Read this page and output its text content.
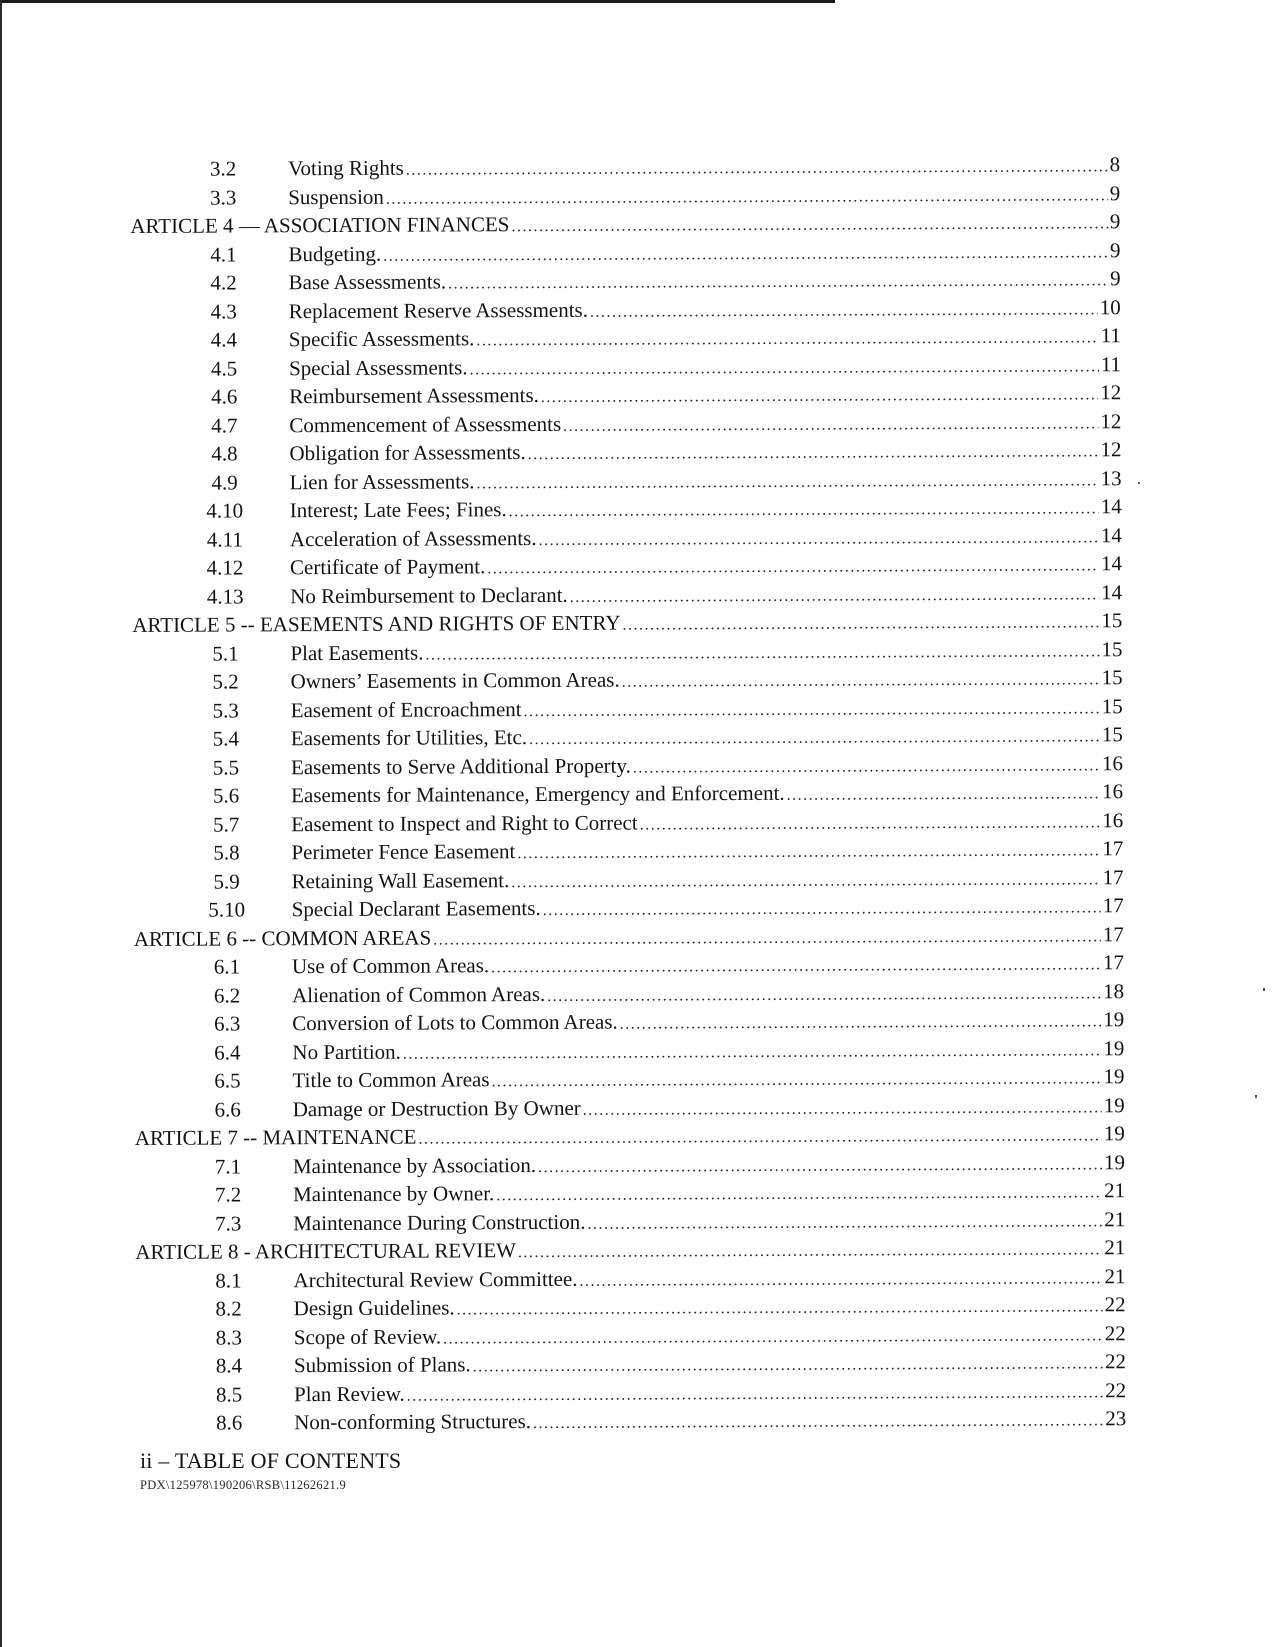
3.2	Voting Rights .....	8
3.3	Suspension .....	9
ARTICLE 4 — ASSOCIATION FINANCES .....	9
4.1	Budgeting. .....	9
4.2	Base Assessments. .....	9
4.3	Replacement Reserve Assessments. .....	10
4.4	Specific Assessments. .....	11
4.5	Special Assessments. .....	11
4.6	Reimbursement Assessments. .....	12
4.7	Commencement of Assessments .....	12
4.8	Obligation for Assessments. .....	12
4.9	Lien for Assessments. .....	13
4.10 Interest; Late Fees; Fines. .....	14
4.11 Acceleration of Assessments. .....	14
4.12 Certificate of Payment. .....	14
4.13 No Reimbursement to Declarant. .....	14
ARTICLE 5 -- EASEMENTS AND RIGHTS OF ENTRY .....	15
5.1	Plat Easements. .....	15
5.2	Owners’ Easements in Common Areas. .....	15
5.3	Easement of Encroachment .....	15
5.4	Easements for Utilities, Etc. .....	15
5.5	Easements to Serve Additional Property. .....	16
5.6	Easements for Maintenance, Emergency and Enforcement. .....	16
5.7	Easement to Inspect and Right to Correct .....	16
5.8	Perimeter Fence Easement .....	17
5.9	Retaining Wall Easement. .....	17
5.10 Special Declarant Easements. .....	17
ARTICLE 6 -- COMMON AREAS .....	17
6.1	Use of Common Areas. .....	17
6.2	Alienation of Common Areas. .....	18
6.3	Conversion of Lots to Common Areas. .....	19
6.4	No Partition. .....	19
6.5	Title to Common Areas .....	19
6.6	Damage or Destruction By Owner .....	19
ARTICLE 7 -- MAINTENANCE .....	19
7.1	Maintenance by Association. .....	19
7.2	Maintenance by Owner. .....	21
7.3	Maintenance During Construction. .....	21
ARTICLE 8 - ARCHITECTURAL REVIEW .....	21
8.1	Architectural Review Committee. .....	21
8.2	Design Guidelines. .....	22
8.3	Scope of Review. .....	22
8.4	Submission of Plans. .....	22
8.5	Plan Review. .....	22
8.6	Non-conforming Structures. .....	23
ii – TABLE OF CONTENTS
PDX\125978\190206\RSB\11262621.9
